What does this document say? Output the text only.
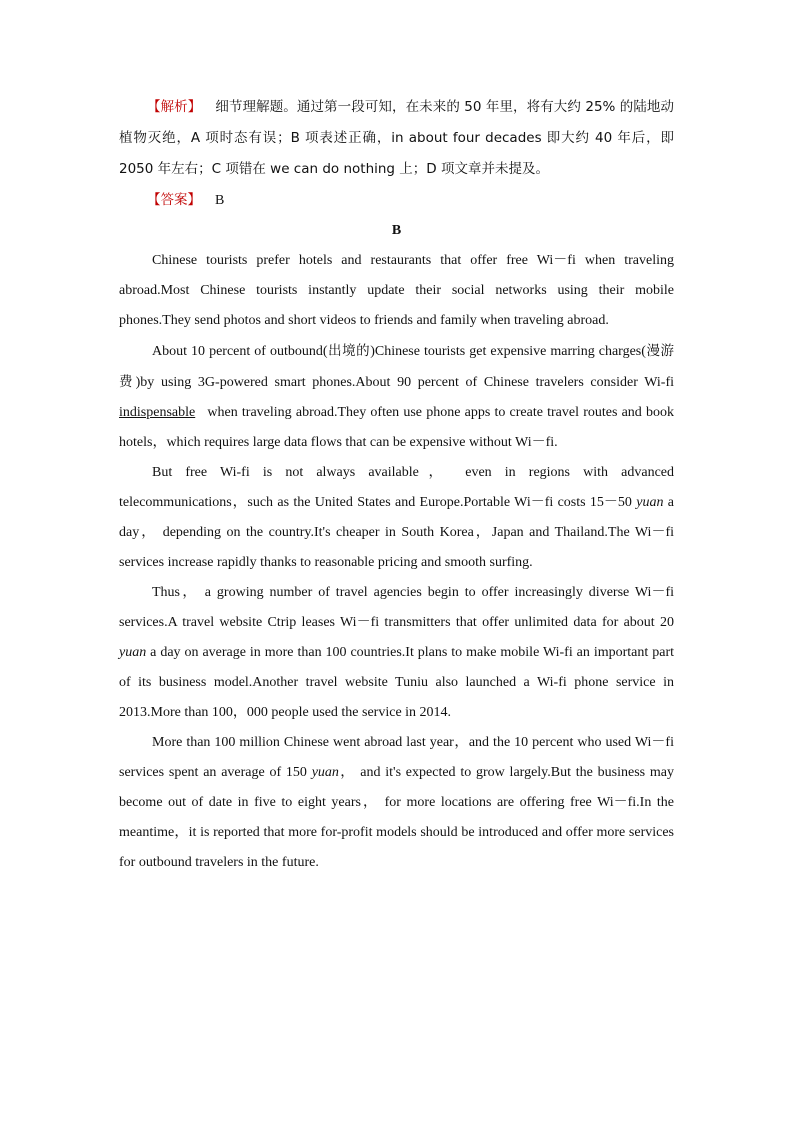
【解析】 细节理解题。通过第一段可知，在未来的 50 年里，将有大约 25% 的陆地动植物灭绝，A 项时态有误；B 项表述正确，in about four decades 即大约 40 年后，即 2050 年左右；C 项错在 we can do nothing 上；D 项文章并未提及。

【答案】 B

B

Chinese tourists prefer hotels and restaurants that offer free Wi－fi when traveling abroad.Most Chinese tourists instantly update their social networks using their mobile phones.They send photos and short videos to friends and family when traveling abroad.

About 10 percent of outbound(出境的)Chinese tourists get expensive marring charges(漫游费)by using 3G-powered smart phones.About 90 percent of Chinese travelers consider Wi-fi indispensable when traveling abroad.They often use phone apps to create travel routes and book hotels，which requires large data flows that can be expensive without Wi－fi.

But free Wi-fi is not always available， even in regions with advanced telecommunications，such as the United States and Europe.Portable Wi－fi costs 15－50 yuan a day， depending on the country.It's cheaper in South Korea，Japan and Thailand.The Wi－fi services increase rapidly thanks to reasonable pricing and smooth surfing.

Thus， a growing number of travel agencies begin to offer increasingly diverse Wi－fi services.A travel website Ctrip leases Wi－fi transmitters that offer unlimited data for about 20 yuan a day on average in more than 100 countries.It plans to make mobile Wi-fi an important part of its business model.Another travel website Tuniu also launched a Wi-fi phone service in 2013.More than 100，000 people used the service in 2014.

More than 100 million Chinese went abroad last year，and the 10 percent who used Wi－fi services spent an average of 150 yuan， and it's expected to grow largely.But the business may become out of date in five to eight years， for more locations are offering free Wi－fi.In the meantime，it is reported that more for-profit models should be introduced and offer more services for outbound travelers in the future.
